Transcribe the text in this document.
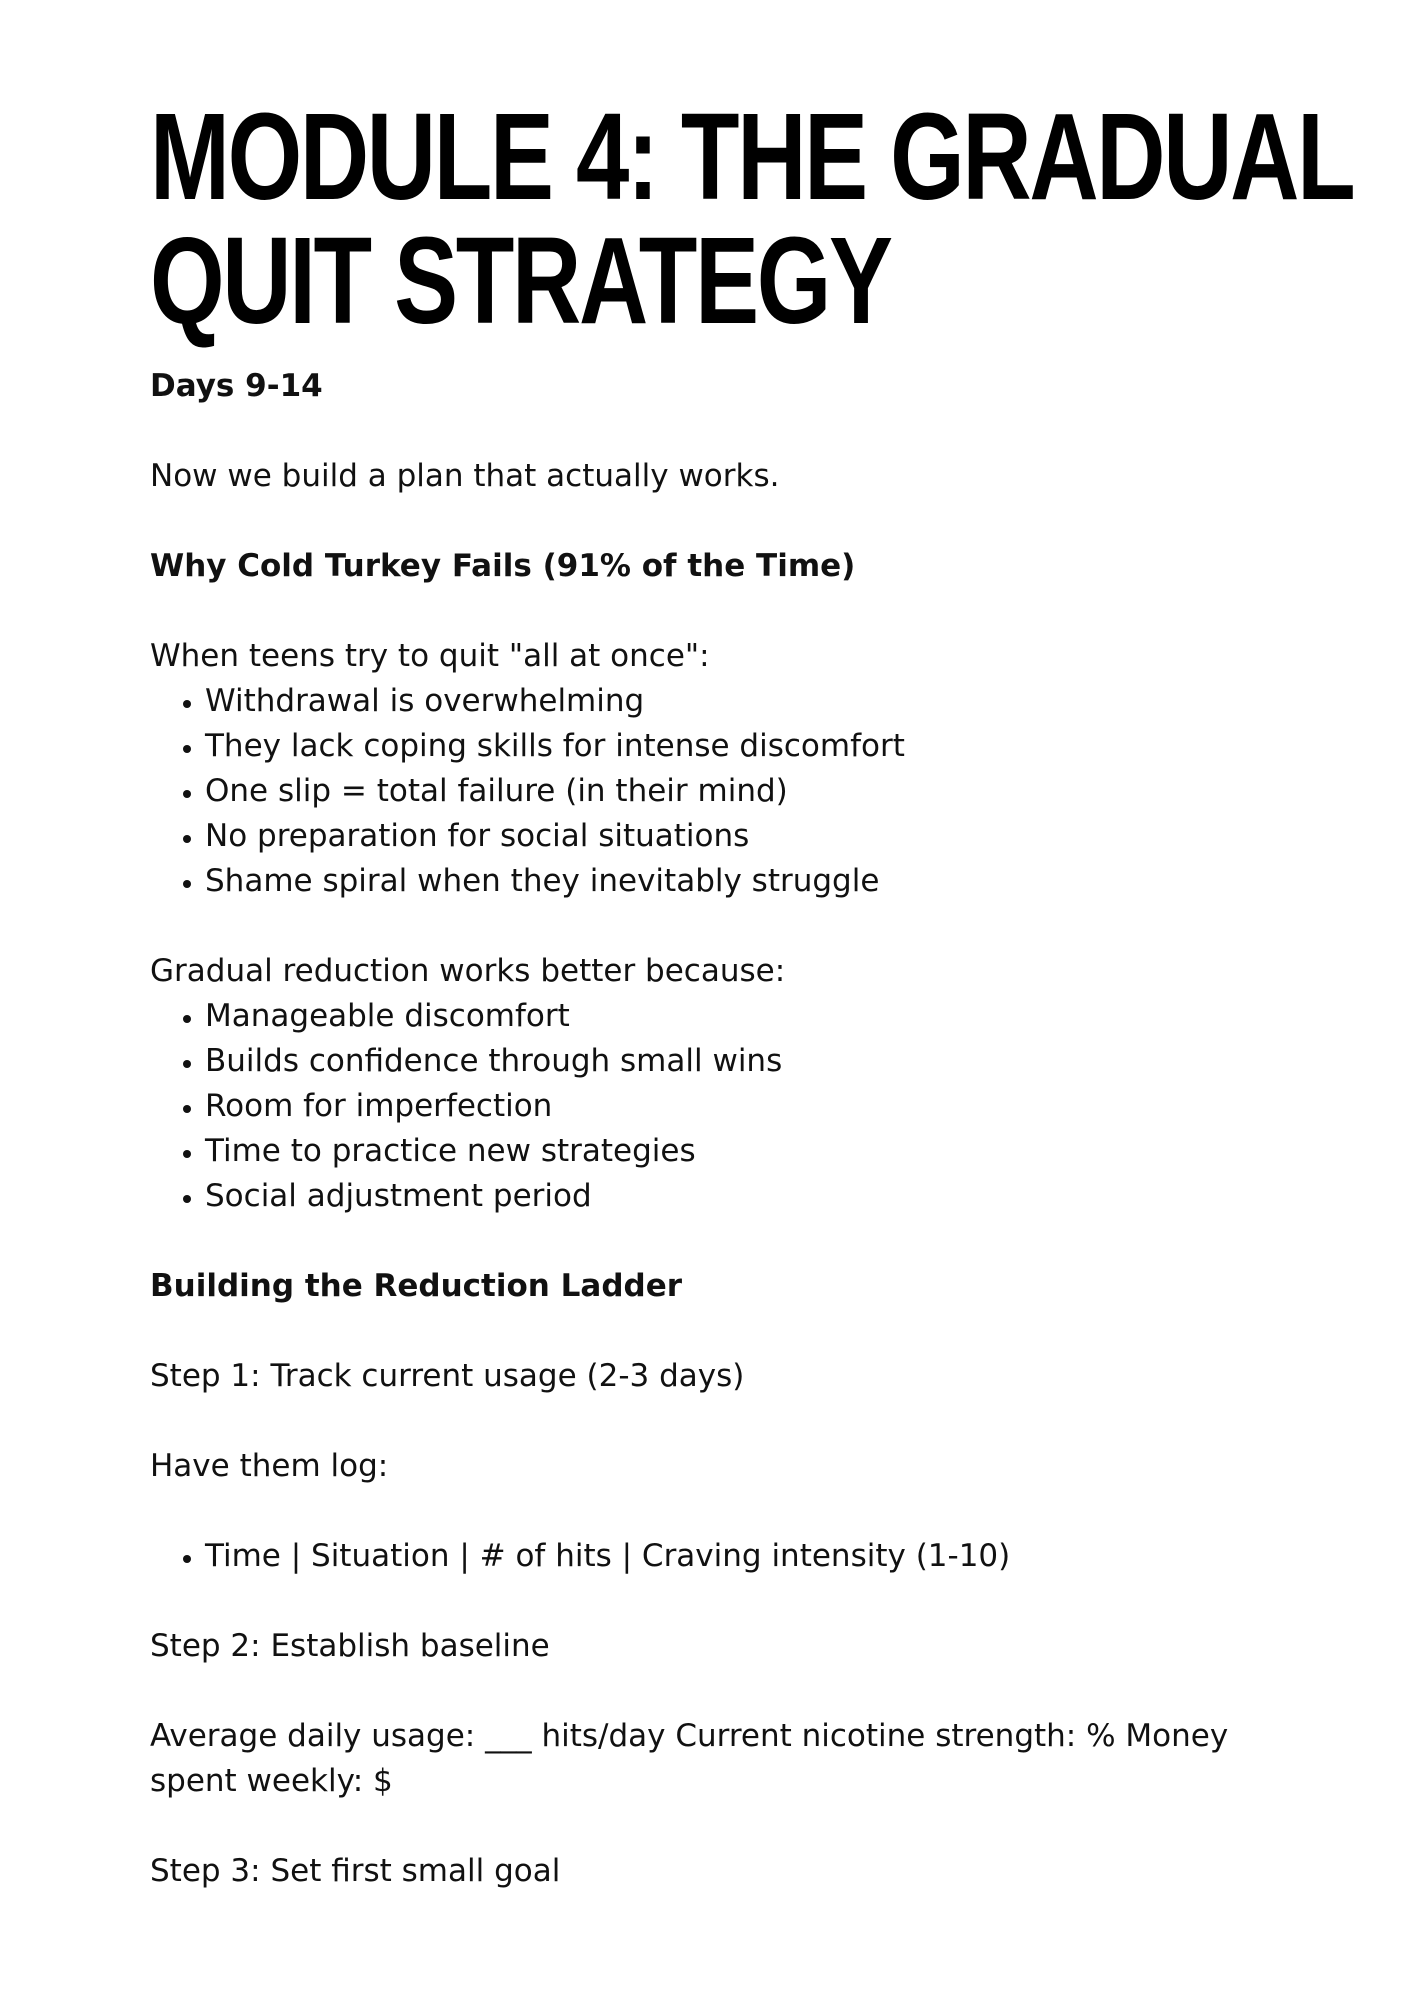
MODULE 4: THE GRADUAL
QUIT STRATEGY

Days 9-14

Now we build a plan that actually works.

Why Cold Turkey Fails (91% of the Time)

When teens try to quit "all at once":

• Withdrawal is overwhelming
• They lack coping skills for intense discomfort
• One slip = total failure (in their mind)
• No preparation for social situations
• Shame spiral when they inevitably struggle

Gradual reduction works better because:

• Manageable discomfort
• Builds confidence through small wins
• Room for imperfection
• Time to practice new strategies
• Social adjustment period

Building the Reduction Ladder

Step 1: Track current usage (2-3 days)

Have them log:

• Time | Situation | # of hits | Craving intensity (1-10)

Step 2: Establish baseline

Average daily usage: ___ hits/day Current nicotine strength: % Money spent weekly: $

Step 3: Set first small goal
